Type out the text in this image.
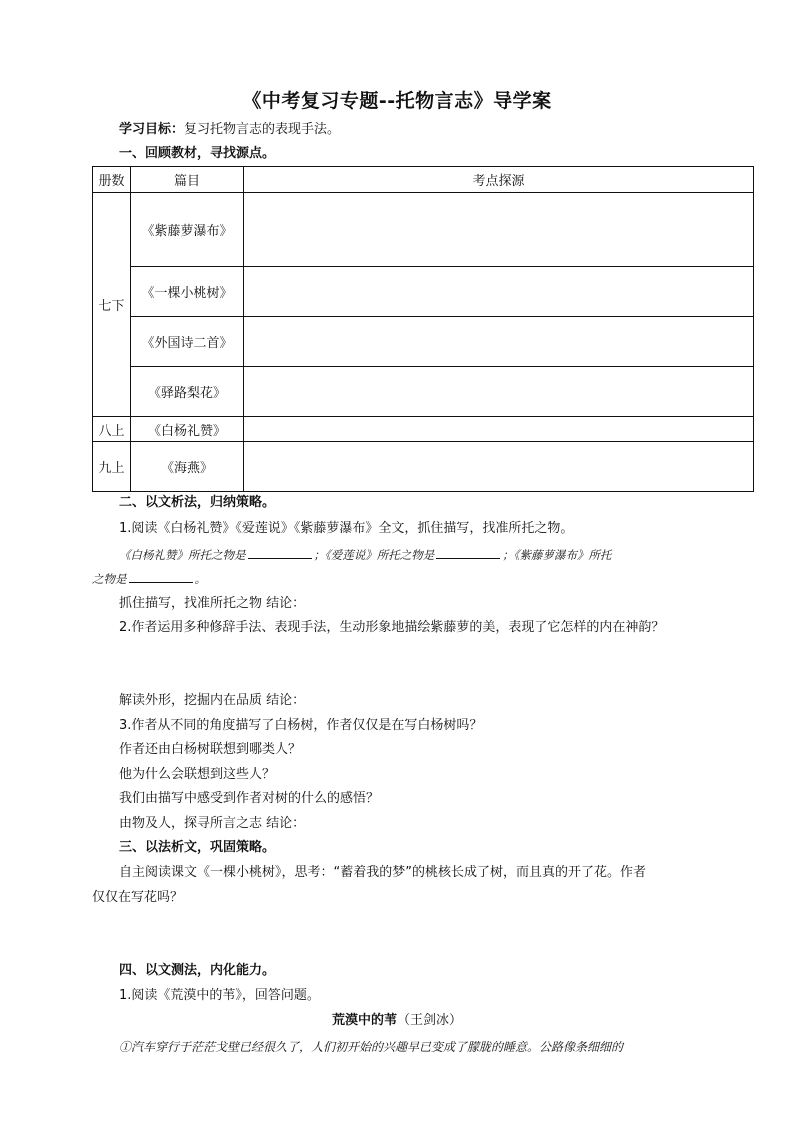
《中考复习专题--托物言志》导学案
学习目标：复习托物言志的表现手法。
一、回顾教材，寻找源点。
册数	篇目	考点探源
七下	《紫藤萝瀑布》	
	《一棵小桃树》	
	《外国诗二首》	
	《驿路梨花》	
八上	《白杨礼赞》	
九上	《海燕》	
二、以文析法，归纳策略。
1.阅读《白杨礼赞》《爱莲说》《紫藤萝瀑布》全文，抓住描写，找准所托之物。
《白杨礼赞》所托之物是	；《爱莲说》所托之物是	；《紫藤萝瀑布》所托
之物是	。
抓住描写，找准所托之物 结论：
2.作者运用多种修辞手法、表现手法，生动形象地描绘紫藤萝的美，表现了它怎样的内在神韵？
解读外形，挖掘内在品质 结论：
3.作者从不同的角度描写了白杨树，作者仅仅是在写白杨树吗？
作者还由白杨树联想到哪类人？
他为什么会联想到这些人？
我们由描写中感受到作者对树的什么的感悟？
由物及人，探寻所言之志 结论：
三、以法析文，巩固策略。
自主阅读课文《一棵小桃树》，思考：“蓄着我的梦”的桃核长成了树，而且真的开了花。作者
仅仅在写花吗？
四、以文测法，内化能力。
1.阅读《荒漠中的苇》，回答问题。
荒漠中的苇（王剑冰）
①汽车穿行于茫茫戈壁已经很久了，人们初开始的兴趣早已变成了朦胧的睡意。公路像条细细的
